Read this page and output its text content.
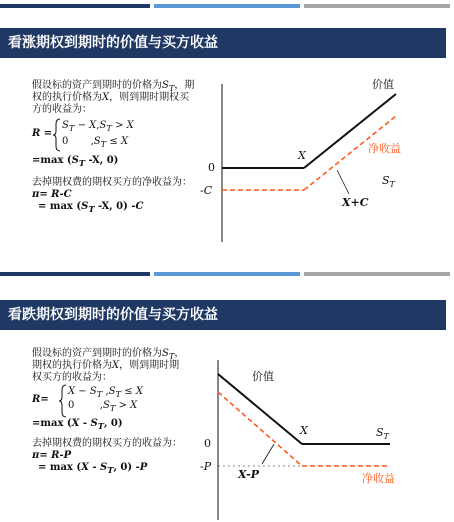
看涨期权到期时的价值与买方收益
假设标的资产到期时的价格为$S_T$，期
权的执行价格为X，则到期时期权买
方的收益为：
R =
$S_T - X,S_T > X$
0       $,S_T \le X$
=max ($S_T$ -X, 0)
去掉期权费的期权买方的净收益为：
π= R-C
= $\max (S_T$ -X, 0) -C
价值
净收益
0
-C
X
X+C
$S_T$
看跌期权到期时的价值与买方收益
假设标的资产到期时的价格为$S_T$，
期权的执行价格为X，则到期时期
权买方的收益为：
R=
$X - S_T$ $,S_T \le X$
0        $,S_T > X$
=max ($X - S_T$, 0)
去掉期权费的期权买方的收益为：
π= R-P
= $\max (X - S_T$, 0) -P
价值
净收益
0
-P
X
X-P
$S_T$
